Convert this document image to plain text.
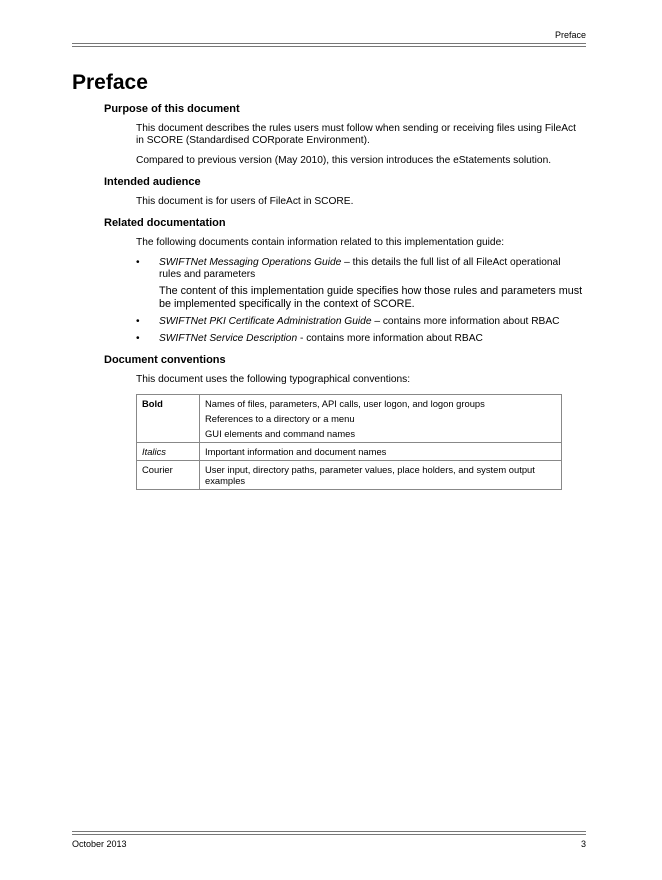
Preface
Preface
Purpose of this document

This document describes the rules users must follow when sending or receiving files using FileAct in SCORE (Standardised CORporate Environment).

Compared to previous version (May 2010), this version introduces the eStatements solution.

Intended audience

This document is for users of FileAct in SCORE.

Related documentation

The following documents contain information related to this implementation guide:

• SWIFTNet Messaging Operations Guide – this details the full list of all FileAct operational rules and parameters
The content of this implementation guide specifies how those rules and parameters must be implemented specifically in the context of SCORE.
• SWIFTNet PKI Certificate Administration Guide – contains more information about RBAC
• SWIFTNet Service Description - contains more information about RBAC
Document conventions

This document uses the following typographical conventions:

Bold	Names of files, parameters, API calls, user logon, and logon groups
References to a directory or a menu
GUI elements and command names

Italics	Important information and document names

Courier	User input, directory paths, parameter values, place holders, and system output examples
October 2013	3
